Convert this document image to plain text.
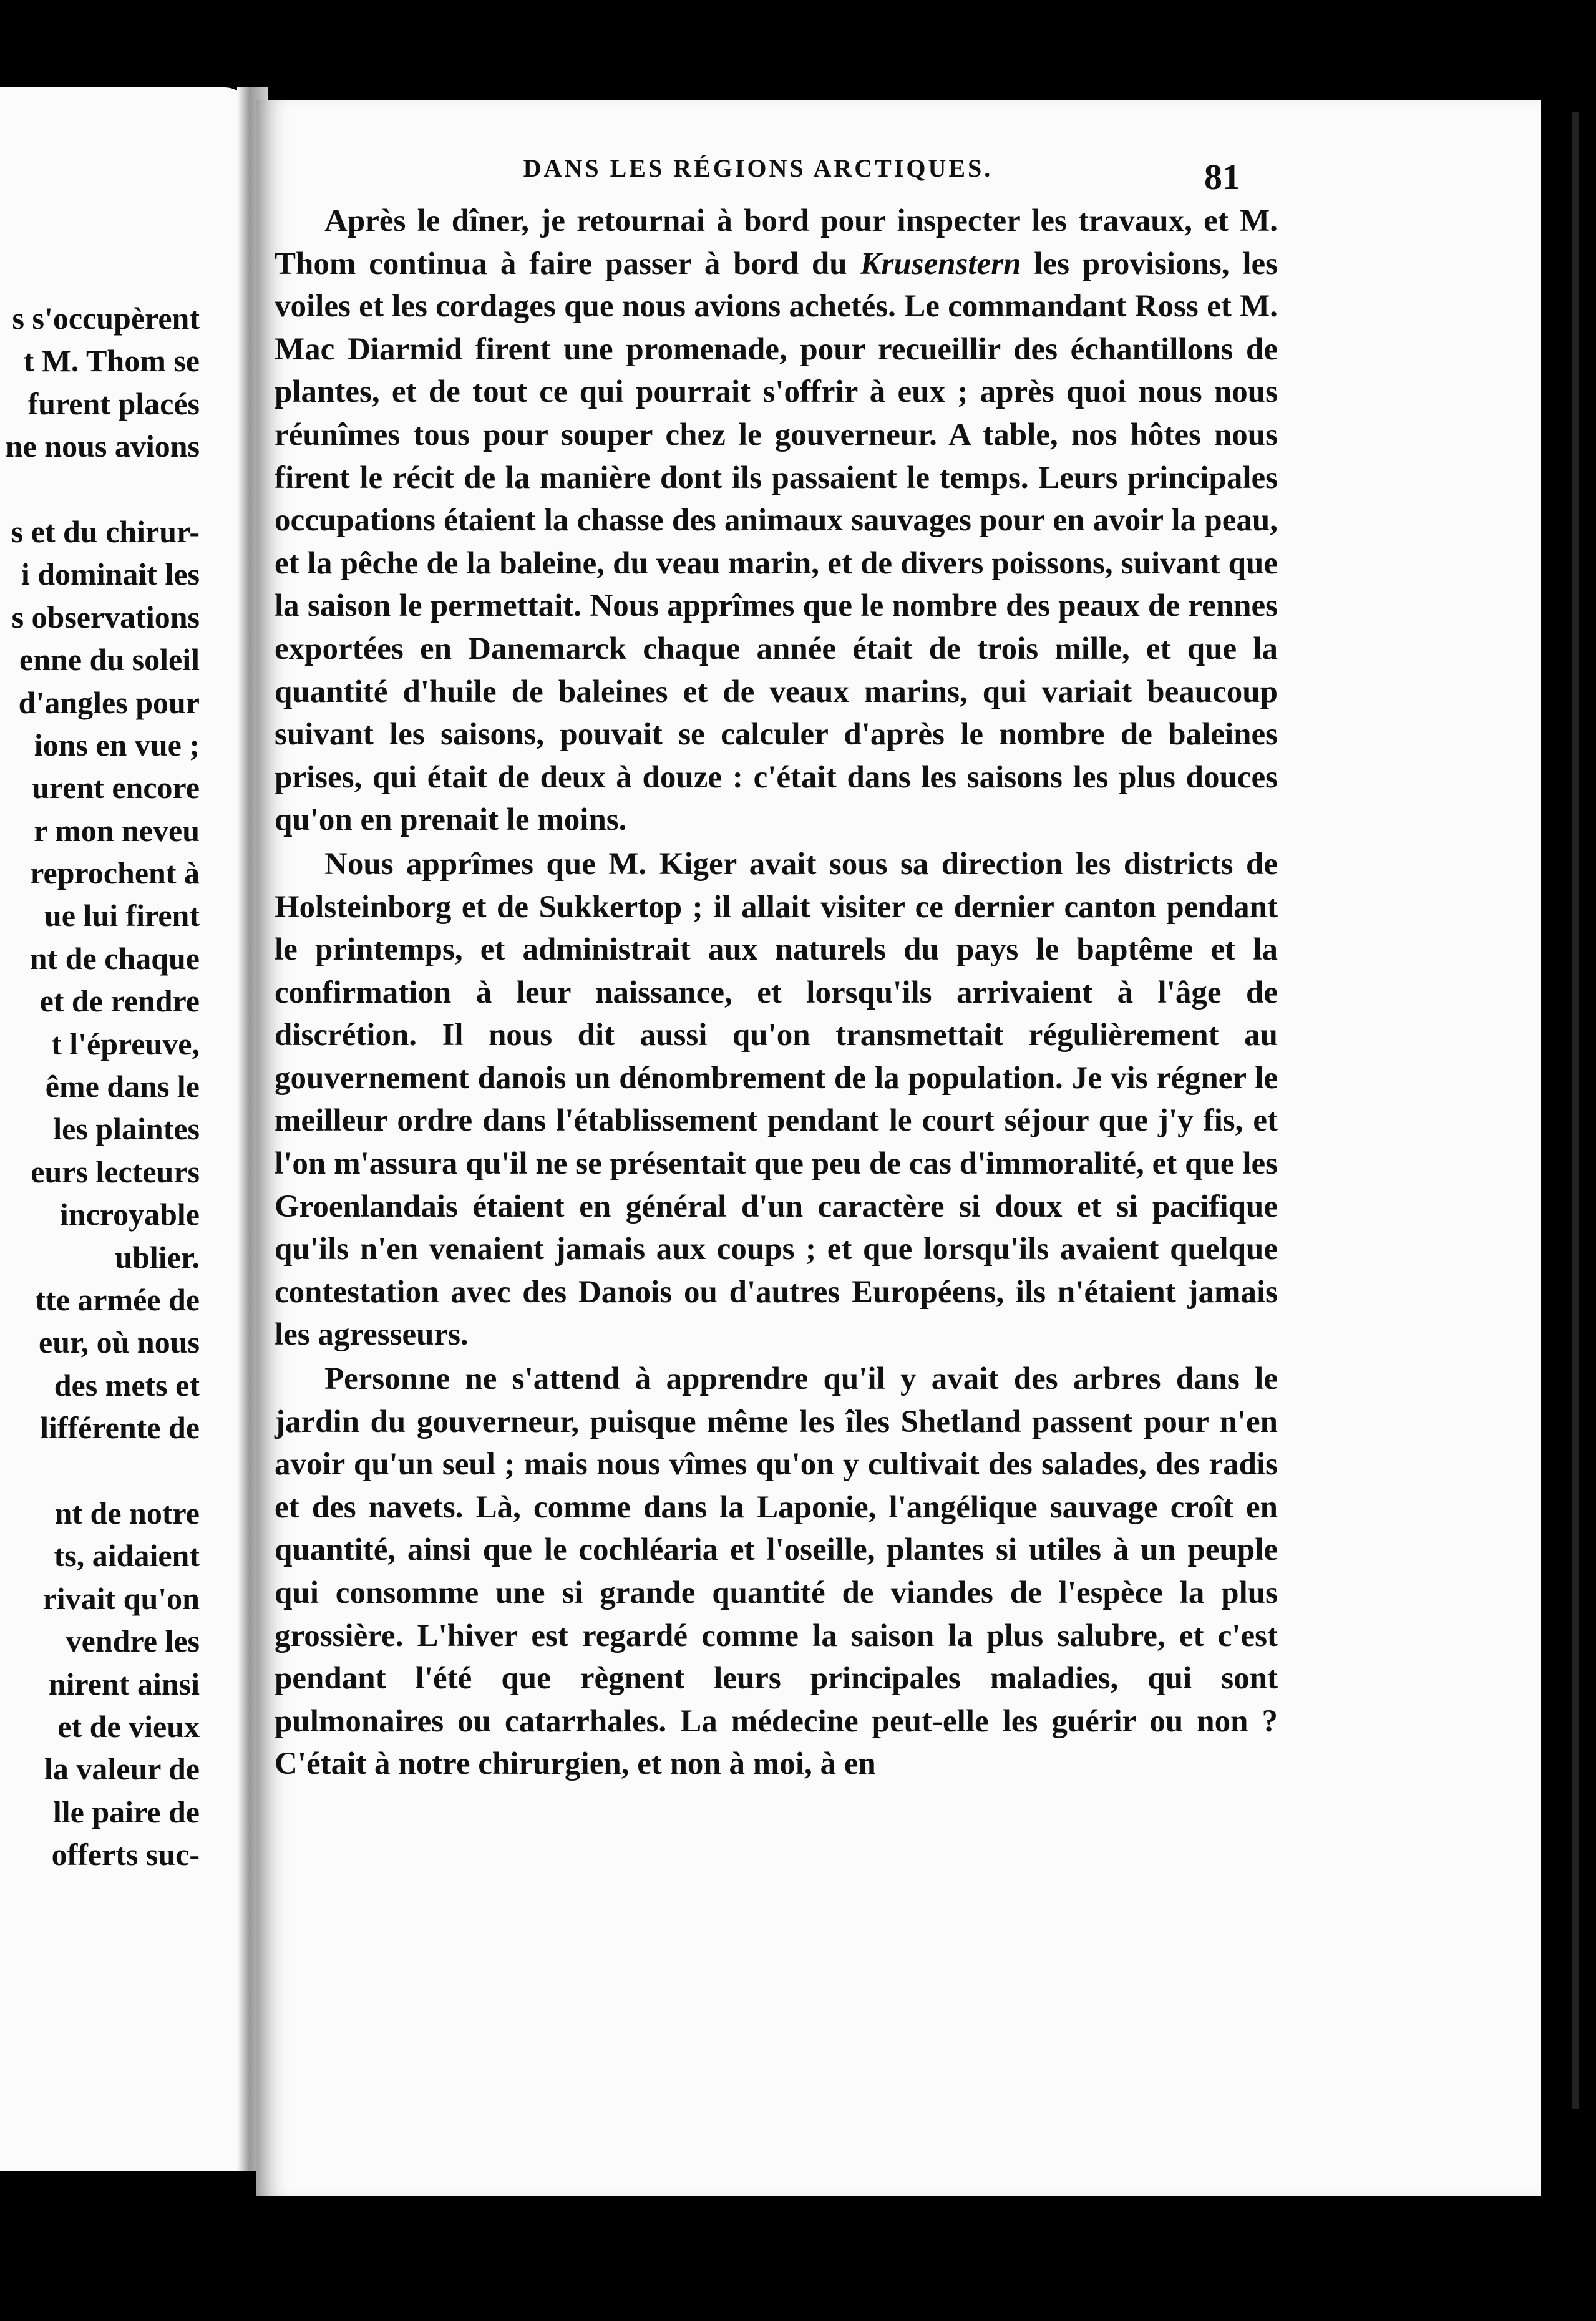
s s'occupèrent
t M. Thom se
furent placés
ne nous avions
s et du chirur-
i dominait les
s observations
enne du soleil
d'angles pour
ions en vue ;
urent encore
r mon neveu
reprochent à
ue lui firent
nt de chaque
et de rendre
t l'épreuve,
ême dans le
les plaintes
eurs lecteurs
incroyable
ublier.
tte armée de
eur, où nous
des mets et
lifférente de
nt de notre
ts, aidaient
rivait qu'on
vendre les
nirent ainsi
et de vieux
la valeur de
lle paire de
offerts suc-
DANS LES RÉGIONS ARCTIQUES.	81

Après le dîner, je retournai à bord pour inspecter les travaux, et M. Thom continua à faire passer à bord du Krusenstern les provisions, les voiles et les cordages que nous avions achetés. Le commandant Ross et M. Mac Diarmid firent une promenade, pour recueillir des échantillons de plantes, et de tout ce qui pourrait s'offrir à eux ; après quoi nous nous réunîmes tous pour souper chez le gouverneur. A table, nos hôtes nous firent le récit de la manière dont ils passaient le temps. Leurs principales occupations étaient la chasse des animaux sauvages pour en avoir la peau, et la pêche de la baleine, du veau marin, et de divers poissons, suivant que la saison le permettait. Nous apprîmes que le nombre des peaux de rennes exportées en Danemarck chaque année était de trois mille, et que la quantité d'huile de baleines et de veaux marins, qui variait beaucoup suivant les saisons, pouvait se calculer d'après le nombre de baleines prises, qui était de deux à douze : c'était dans les saisons les plus douces qu'on en prenait le moins.

Nous apprîmes que M. Kiger avait sous sa direction les districts de Holsteinborg et de Sukkertop ; il allait visiter ce dernier canton pendant le printemps, et administrait aux naturels du pays le baptême et la confirmation à leur naissance, et lorsqu'ils arrivaient à l'âge de discrétion. Il nous dit aussi qu'on transmettait régulièrement au gouvernement danois un dénombrement de la population. Je vis régner le meilleur ordre dans l'établissement pendant le court séjour que j'y fis, et l'on m'assura qu'il ne se présentait que peu de cas d'immoralité, et que les Groenlandais étaient en général d'un caractère si doux et si pacifique qu'ils n'en venaient jamais aux coups ; et que lorsqu'ils avaient quelque contestation avec des Danois ou d'autres Européens, ils n'étaient jamais les agresseurs.

Personne ne s'attend à apprendre qu'il y avait des arbres dans le jardin du gouverneur, puisque même les îles Shetland passent pour n'en avoir qu'un seul ; mais nous vîmes qu'on y cultivait des salades, des radis et des navets. Là, comme dans la Laponie, l'angélique sauvage croît en quantité, ainsi que le cochléaria et l'oseille, plantes si utiles à un peuple qui consomme une si grande quantité de viandes de l'espèce la plus grossière. L'hiver est regardé comme la saison la plus salubre, et c'est pendant l'été que règnent leurs principales maladies, qui sont pulmonaires ou catarrhales. La médecine peut-elle les guérir ou non ? C'était à notre chirurgien, et non à moi, à en
